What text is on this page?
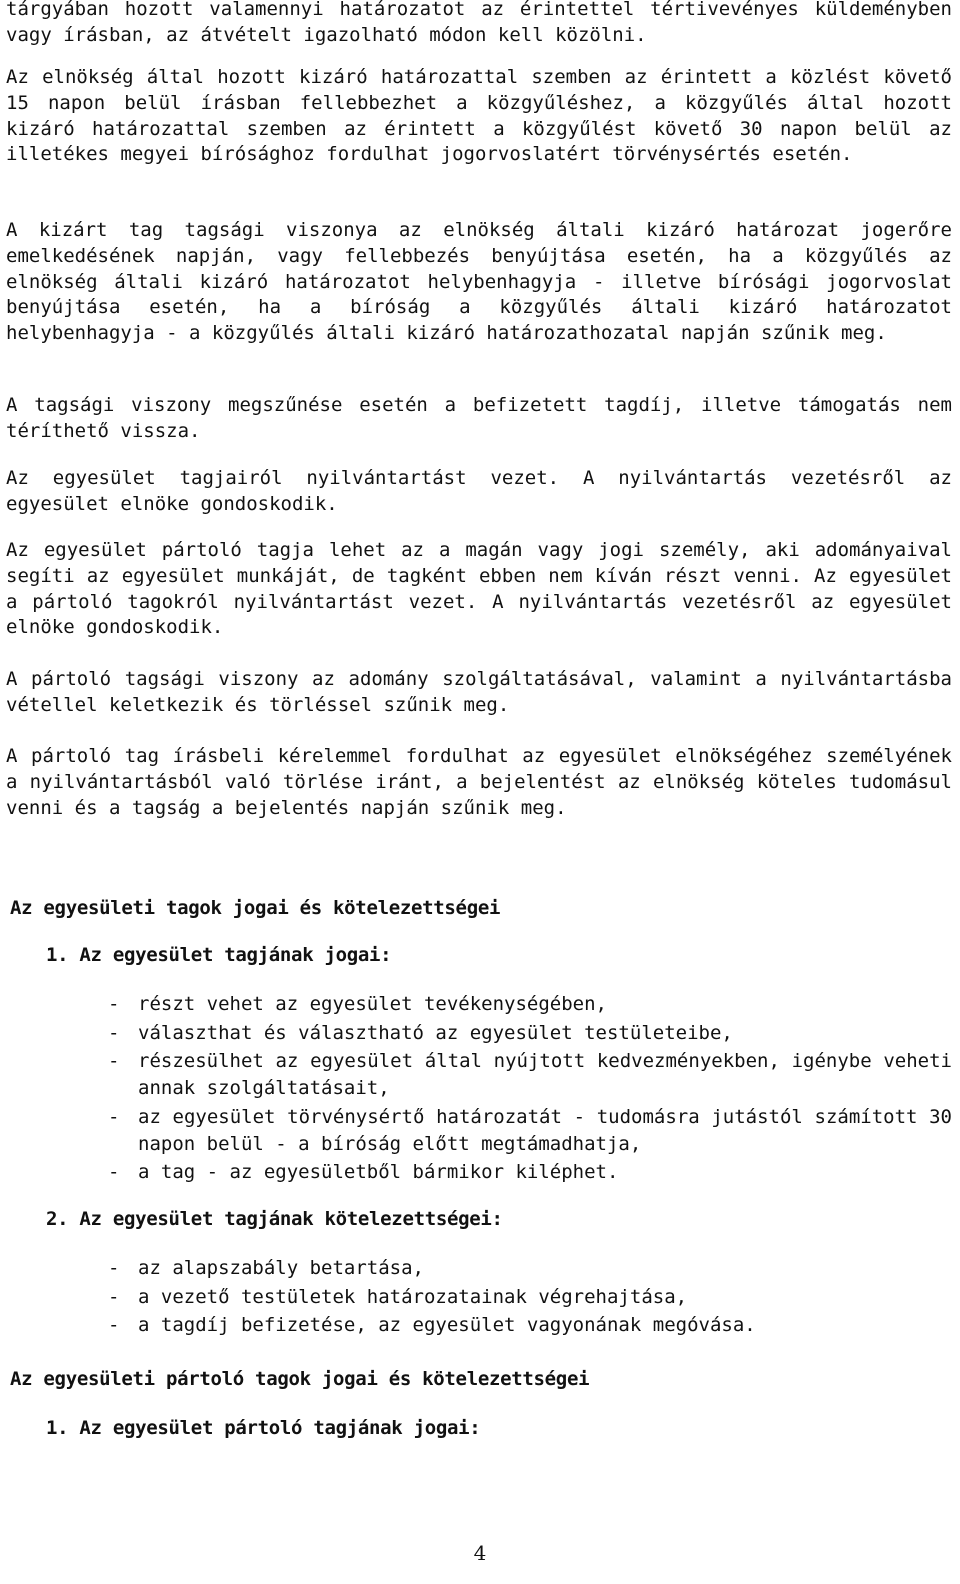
tárgyában hozott valamennyi határozatot az érintettel tértivevényes küldeményben vagy írásban, az átvételt igazolható módon kell közölni.

Az elnökség által hozott kizáró határozattal szemben az érintett a közlést követő 15 napon belül írásban fellebbezhet a közgyűléshez, a közgyűlés által hozott kizáró határozattal szemben az érintett a közgyűlést követő 30 napon belül az illetékes megyei bírósághoz fordulhat jogorvoslatért törvénysértés esetén.

A kizárt tag tagsági viszonya az elnökség általi kizáró határozat jogerőre emelkedésének napján, vagy fellebbezés benyújtása esetén, ha a közgyűlés az elnökség általi kizáró határozatot helybenhagyja - illetve bírósági jogorvoslat benyújtása esetén, ha a bíróság a közgyűlés általi kizáró határozatot helybenhagyja - a közgyűlés általi kizáró határozathozatal napján szűnik meg.

A tagsági viszony megszűnése esetén a befizetett tagdíj, illetve támogatás nem téríthető vissza.

Az egyesület tagjairól nyilvántartást vezet. A nyilvántartás vezetésről az egyesület elnöke gondoskodik.

Az egyesület pártoló tagja lehet az a magán vagy jogi személy, aki adományaival segíti az egyesület munkáját, de tagként ebben nem kíván részt venni. Az egyesület a pártoló tagokról nyilvántartást vezet. A nyilvántartás vezetésről az egyesület elnöke gondoskodik.

A pártoló tagsági viszony az adomány szolgáltatásával, valamint a nyilvántartásba vétellel keletkezik és törléssel szűnik meg.

A pártoló tag írásbeli kérelemmel fordulhat az egyesület elnökségéhez személyének a nyilvántartásból való törlése iránt, a bejelentést az elnökség köteles tudomásul venni és a tagság a bejelentés napján szűnik meg.

Az egyesületi tagok jogai és kötelezettségei
1. Az egyesület tagjának jogai:
- részt vehet az egyesület tevékenységében,
- választhat és választható az egyesület testületeibe,
- részesülhet az egyesület által nyújtott kedvezményekben, igénybe veheti annak szolgáltatásait,
- az egyesület törvénysértő határozatát - tudomásra jutástól számított 30 napon belül - a bíróság előtt megtámadhatja,
- a tag - az egyesületből bármikor kiléphet.
2. Az egyesület tagjának kötelezettségei:
- az alapszabály betartása,
- a vezető testületek határozatainak végrehajtása,
- a tagdíj befizetése, az egyesület vagyonának megóvása.
Az egyesületi pártoló tagok jogai és kötelezettségei
1. Az egyesület pártoló tagjának jogai:
4
